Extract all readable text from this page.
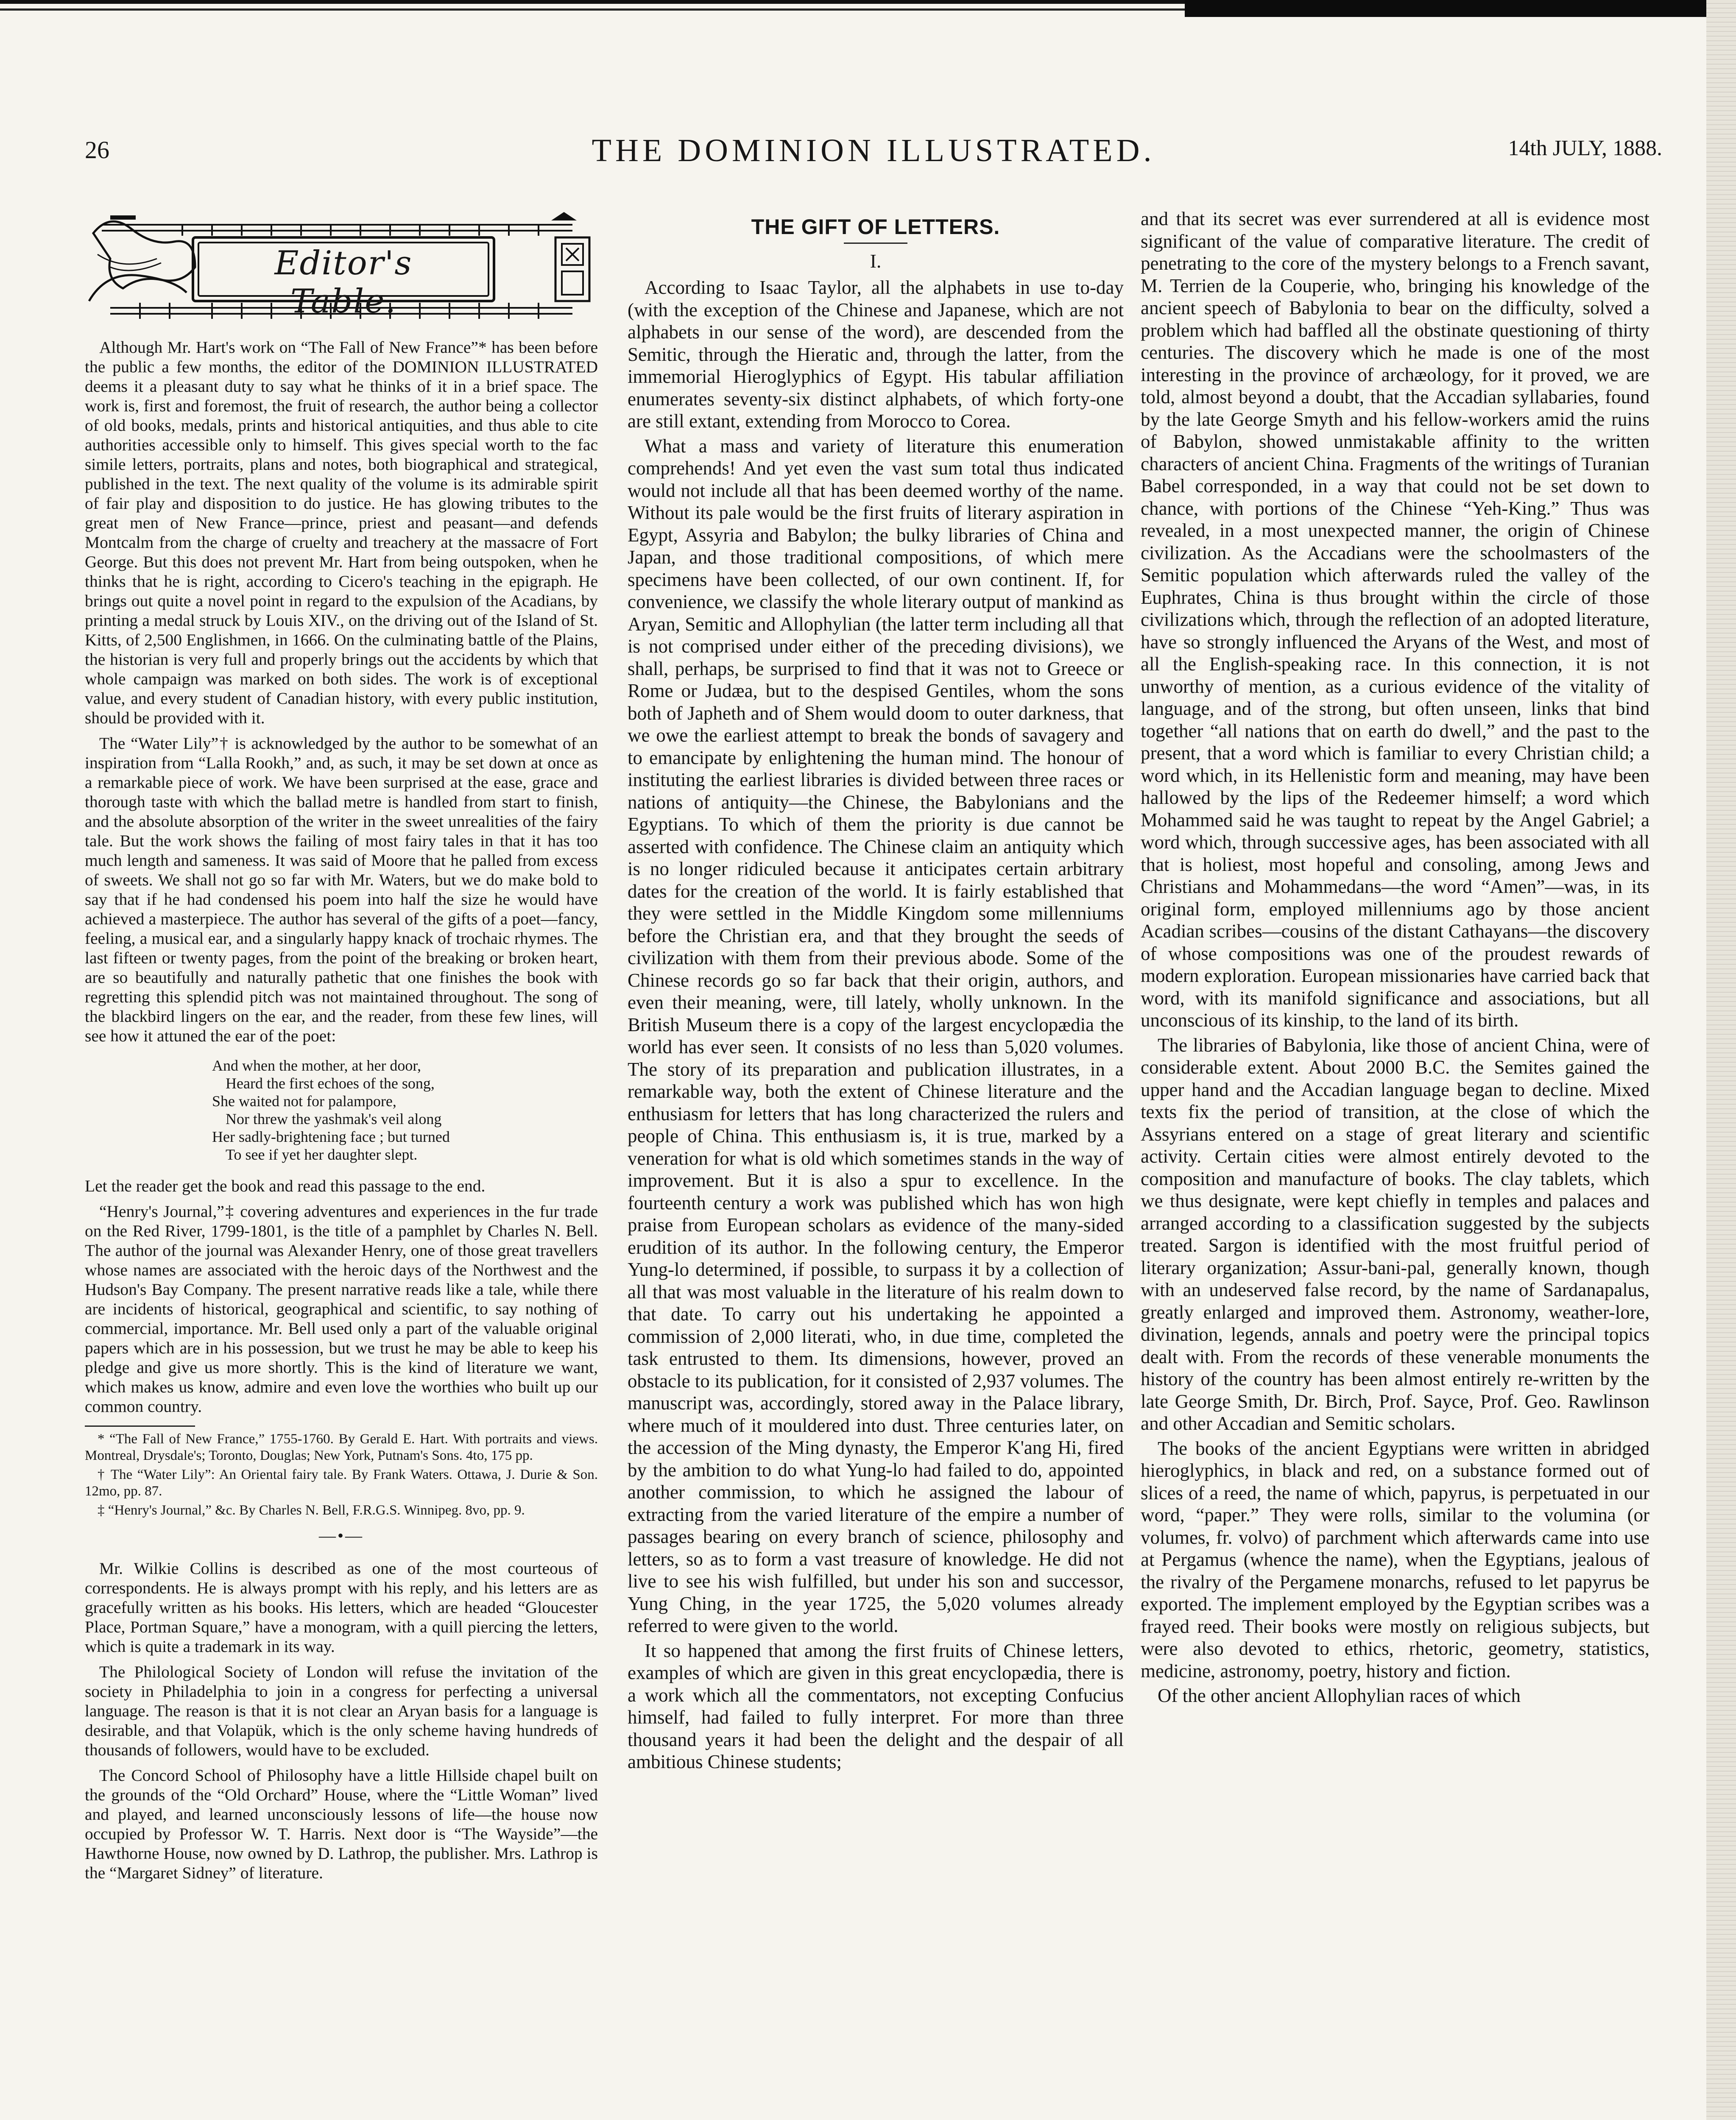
26	THE DOMINION ILLUSTRATED.	14th JULY, 1888.
Editor's Table.

Although Mr. Hart's work on “The Fall of New France”* has been before the public a few months, the editor of the DOMINION ILLUSTRATED deems it a pleasant duty to say what he thinks of it in a brief space. The work is, first and foremost, the fruit of research, the author being a collector of old books, medals, prints and historical antiquities, and thus able to cite authorities accessible only to himself. This gives special worth to the fac simile letters, portraits, plans and notes, both biographical and strategical, published in the text. The next quality of the volume is its admirable spirit of fair play and disposition to do justice. He has glowing tributes to the great men of New France—prince, priest and peasant—and defends Montcalm from the charge of cruelty and treachery at the massacre of Fort George. But this does not prevent Mr. Hart from being outspoken, when he thinks that he is right, according to Cicero's teaching in the epigraph. He brings out quite a novel point in regard to the expulsion of the Acadians, by printing a medal struck by Louis XIV., on the driving out of the Island of St. Kitts, of 2,500 Englishmen, in 1666. On the culminating battle of the Plains, the historian is very full and properly brings out the accidents by which that whole campaign was marked on both sides. The work is of exceptional value, and every student of Canadian history, with every public institution, should be provided with it.

The “Water Lily”† is acknowledged by the author to be somewhat of an inspiration from “Lalla Rookh,” and, as such, it may be set down at once as a remarkable piece of work. We have been surprised at the ease, grace and thorough taste with which the ballad metre is handled from start to finish, and the absolute absorption of the writer in the sweet unrealities of the fairy tale. But the work shows the failing of most fairy tales in that it has too much length and sameness. It was said of Moore that he palled from excess of sweets. We shall not go so far with Mr. Waters, but we do make bold to say that if he had condensed his poem into half the size he would have achieved a masterpiece. The author has several of the gifts of a poet—fancy, feeling, a musical ear, and a singularly happy knack of trochaic rhymes. The last fifteen or twenty pages, from the point of the breaking or broken heart, are so beautifully and naturally pathetic that one finishes the book with regretting this splendid pitch was not maintained throughout. The song of the blackbird lingers on the ear, and the reader, from these few lines, will see how it attuned the ear of the poet:

And when the mother, at her door,
Heard the first echoes of the song,
She waited not for palampore,
Nor threw the yashmak's veil along
Her sadly-brightening face ; but turned
To see if yet her daughter slept.

Let the reader get the book and read this passage to the end.

“Henry's Journal,”‡ covering adventures and experiences in the fur trade on the Red River, 1799-1801, is the title of a pamphlet by Charles N. Bell. The author of the journal was Alexander Henry, one of those great travellers whose names are associated with the heroic days of the Northwest and the Hudson's Bay Company. The present narrative reads like a tale, while there are incidents of historical, geographical and scientific, to say nothing of commercial, importance. Mr. Bell used only a part of the valuable original papers which are in his possession, but we trust he may be able to keep his pledge and give us more shortly. This is the kind of literature we want, which makes us know, admire and even love the worthies who built up our common country.

* “The Fall of New France,” 1755-1760. By Gerald E. Hart. With portraits and views. Montreal, Drysdale's; Toronto, Douglas; New York, Putnam's Sons. 4to, 175 pp.
† The “Water Lily”: An Oriental fairy tale. By Frank Waters. Ottawa, J. Durie & Son. 12mo, pp. 87.
‡ “Henry's Journal,” &c. By Charles N. Bell, F.R.G.S. Winnipeg. 8vo, pp. 9.
—•—

Mr. Wilkie Collins is described as one of the most courteous of correspondents. He is always prompt with his reply, and his letters are as gracefully written as his books. His letters, which are headed “Gloucester Place, Portman Square,” have a monogram, with a quill piercing the letters, which is quite a trademark in its way.

The Philological Society of London will refuse the invitation of the society in Philadelphia to join in a congress for perfecting a universal language. The reason is that it is not clear an Aryan basis for a language is desirable, and that Volapük, which is the only scheme having hundreds of thousands of followers, would have to be excluded.

The Concord School of Philosophy have a little Hillside chapel built on the grounds of the “Old Orchard” House, where the “Little Woman” lived and played, and learned unconsciously lessons of life—the house now occupied by Professor W. T. Harris. Next door is “The Wayside”—the Hawthorne House, now owned by D. Lathrop, the publisher. Mrs. Lathrop is the “Margaret Sidney” of literature.

THE GIFT OF LETTERS.
I.

According to Isaac Taylor, all the alphabets in use to-day (with the exception of the Chinese and Japanese, which are not alphabets in our sense of the word), are descended from the Semitic, through the Hieratic and, through the latter, from the immemorial Hieroglyphics of Egypt. His tabular affiliation enumerates seventy-six distinct alphabets, of which forty-one are still extant, extending from Morocco to Corea.

What a mass and variety of literature this enumeration comprehends! And yet even the vast sum total thus indicated would not include all that has been deemed worthy of the name. Without its pale would be the first fruits of literary aspiration in Egypt, Assyria and Babylon; the bulky libraries of China and Japan, and those traditional compositions, of which mere specimens have been collected, of our own continent. If, for convenience, we classify the whole literary output of mankind as Aryan, Semitic and Allophylian (the latter term including all that is not comprised under either of the preceding divisions), we shall, perhaps, be surprised to find that it was not to Greece or Rome or Judæa, but to the despised Gentiles, whom the sons both of Japheth and of Shem would doom to outer darkness, that we owe the earliest attempt to break the bonds of savagery and to emancipate by enlightening the human mind. The honour of instituting the earliest libraries is divided between three races or nations of antiquity—the Chinese, the Babylonians and the Egyptians. To which of them the priority is due cannot be asserted with confidence. The Chinese claim an antiquity which is no longer ridiculed because it anticipates certain arbitrary dates for the creation of the world. It is fairly established that they were settled in the Middle Kingdom some millenniums before the Christian era, and that they brought the seeds of civilization with them from their previous abode. Some of the Chinese records go so far back that their origin, authors, and even their meaning, were, till lately, wholly unknown. In the British Museum there is a copy of the largest encyclopædia the world has ever seen. It consists of no less than 5,020 volumes. The story of its preparation and publication illustrates, in a remarkable way, both the extent of Chinese literature and the enthusiasm for letters that has long characterized the rulers and people of China. This enthusiasm is, it is true, marked by a veneration for what is old which sometimes stands in the way of improvement. But it is also a spur to excellence. In the fourteenth century a work was published which has won high praise from European scholars as evidence of the many-sided erudition of its author. In the following century, the Emperor Yung-lo determined, if possible, to surpass it by a collection of all that was most valuable in the literature of his realm down to that date. To carry out his undertaking he appointed a commission of 2,000 literati, who, in due time, completed the task entrusted to them. Its dimensions, however, proved an obstacle to its publication, for it consisted of 2,937 volumes. The manuscript was, accordingly, stored away in the Palace library, where much of it mouldered into dust. Three centuries later, on the accession of the Ming dynasty, the Emperor K'ang Hi, fired by the ambition to do what Yung-lo had failed to do, appointed another commission, to which he assigned the labour of extracting from the varied literature of the empire a number of passages bearing on every branch of science, philosophy and letters, so as to form a vast treasure of knowledge. He did not live to see his wish fulfilled, but under his son and successor, Yung Ching, in the year 1725, the 5,020 volumes already referred to were given to the world.

It so happened that among the first fruits of Chinese letters, examples of which are given in this great encyclopædia, there is a work which all the commentators, not excepting Confucius himself, had failed to fully interpret. For more than three thousand years it had been the delight and the despair of all ambitious Chinese students;

and that its secret was ever surrendered at all is evidence most significant of the value of comparative literature. The credit of penetrating to the core of the mystery belongs to a French savant, M. Terrien de la Couperie, who, bringing his knowledge of the ancient speech of Babylonia to bear on the difficulty, solved a problem which had baffled all the obstinate questioning of thirty centuries. The discovery which he made is one of the most interesting in the province of archæology, for it proved, we are told, almost beyond a doubt, that the Accadian syllabaries, found by the late George Smyth and his fellow-workers amid the ruins of Babylon, showed unmistakable affinity to the written characters of ancient China. Fragments of the writings of Turanian Babel corresponded, in a way that could not be set down to chance, with portions of the Chinese “Yeh-King.” Thus was revealed, in a most unexpected manner, the origin of Chinese civilization. As the Accadians were the schoolmasters of the Semitic population which afterwards ruled the valley of the Euphrates, China is thus brought within the circle of those civilizations which, through the reflection of an adopted literature, have so strongly influenced the Aryans of the West, and most of all the English-speaking race. In this connection, it is not unworthy of mention, as a curious evidence of the vitality of language, and of the strong, but often unseen, links that bind together “all nations that on earth do dwell,” and the past to the present, that a word which is familiar to every Christian child; a word which, in its Hellenistic form and meaning, may have been hallowed by the lips of the Redeemer himself; a word which Mohammed said he was taught to repeat by the Angel Gabriel; a word which, through successive ages, has been associated with all that is holiest, most hopeful and consoling, among Jews and Christians and Mohammedans—the word “Amen”—was, in its original form, employed millenniums ago by those ancient Acadian scribes—cousins of the distant Cathayans—the discovery of whose compositions was one of the proudest rewards of modern exploration. European missionaries have carried back that word, with its manifold significance and associations, but all unconscious of its kinship, to the land of its birth.

The libraries of Babylonia, like those of ancient China, were of considerable extent. About 2000 B.C. the Semites gained the upper hand and the Accadian language began to decline. Mixed texts fix the period of transition, at the close of which the Assyrians entered on a stage of great literary and scientific activity. Certain cities were almost entirely devoted to the composition and manufacture of books. The clay tablets, which we thus designate, were kept chiefly in temples and palaces and arranged according to a classification suggested by the subjects treated. Sargon is identified with the most fruitful period of literary organization; Assur-bani-pal, generally known, though with an undeserved false record, by the name of Sardanapalus, greatly enlarged and improved them. Astronomy, weather-lore, divination, legends, annals and poetry were the principal topics dealt with. From the records of these venerable monuments the history of the country has been almost entirely re-written by the late George Smith, Dr. Birch, Prof. Sayce, Prof. Geo. Rawlinson and other Accadian and Semitic scholars.

The books of the ancient Egyptians were written in abridged hieroglyphics, in black and red, on a substance formed out of slices of a reed, the name of which, papyrus, is perpetuated in our word, “paper.” They were rolls, similar to the volumina (or volumes, fr. volvo) of parchment which afterwards came into use at Pergamus (whence the name), when the Egyptians, jealous of the rivalry of the Pergamene monarchs, refused to let papyrus be exported. The implement employed by the Egyptian scribes was a frayed reed. Their books were mostly on religious subjects, but were also devoted to ethics, rhetoric, geometry, statistics, medicine, astronomy, poetry, history and fiction.

Of the other ancient Allophylian races of which
